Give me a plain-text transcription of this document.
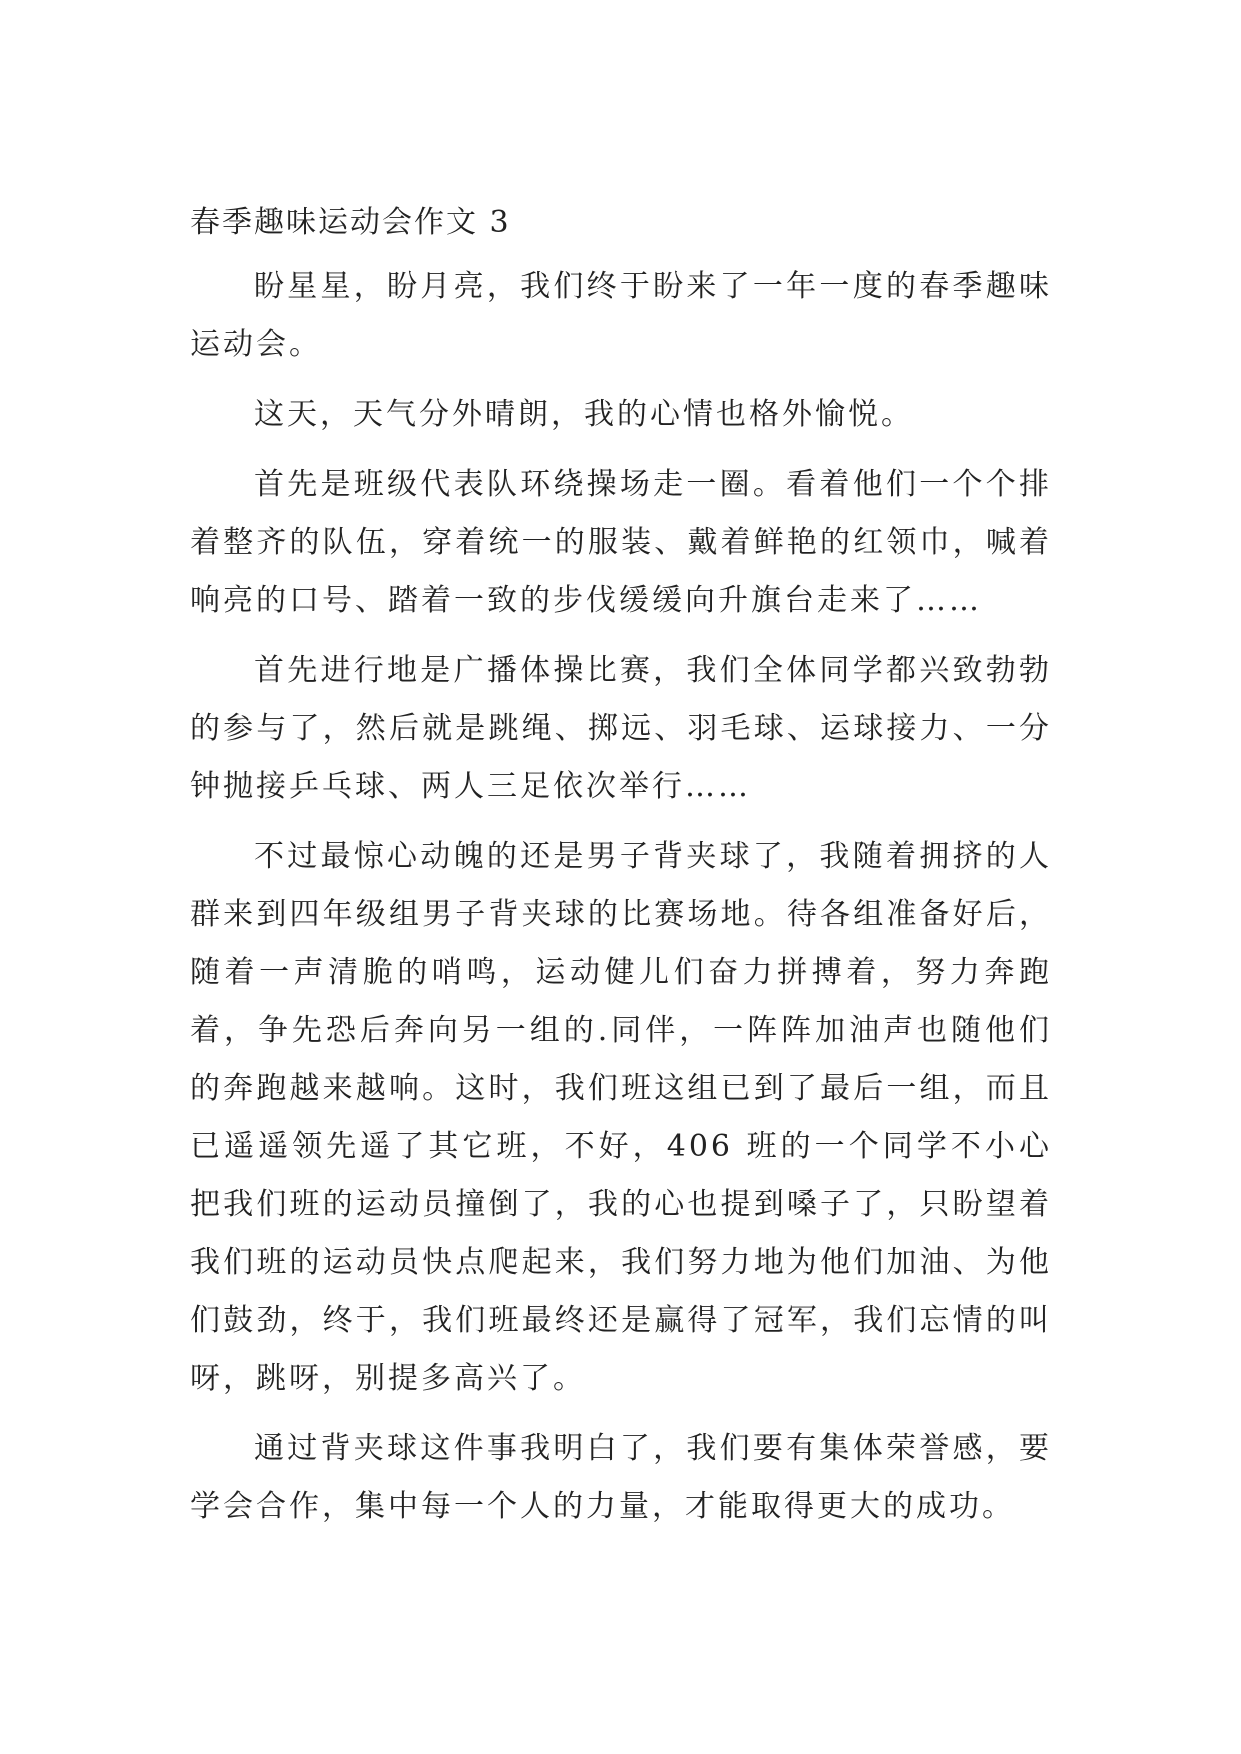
春季趣味运动会作文 3

盼星星，盼月亮，我们终于盼来了一年一度的春季趣味运动会。

这天，天气分外晴朗，我的心情也格外愉悦。

首先是班级代表队环绕操场走一圈。看着他们一个个排着整齐的队伍，穿着统一的服装、戴着鲜艳的红领巾，喊着响亮的口号、踏着一致的步伐缓缓向升旗台走来了……

首先进行地是广播体操比赛，我们全体同学都兴致勃勃的参与了，然后就是跳绳、掷远、羽毛球、运球接力、一分钟抛接乒乓球、两人三足依次举行……

不过最惊心动魄的还是男子背夹球了，我随着拥挤的人群来到四年级组男子背夹球的比赛场地。待各组准备好后，随着一声清脆的哨鸣，运动健儿们奋力拼搏着，努力奔跑着，争先恐后奔向另一组的.同伴，一阵阵加油声也随他们的奔跑越来越响。这时，我们班这组已到了最后一组，而且已遥遥领先遥了其它班，不好，406 班的一个同学不小心把我们班的运动员撞倒了，我的心也提到嗓子了，只盼望着我们班的运动员快点爬起来，我们努力地为他们加油、为他们鼓劲，终于，我们班最终还是赢得了冠军，我们忘情的叫呀，跳呀，别提多高兴了。

通过背夹球这件事我明白了，我们要有集体荣誉感，要学会合作，集中每一个人的力量，才能取得更大的成功。
